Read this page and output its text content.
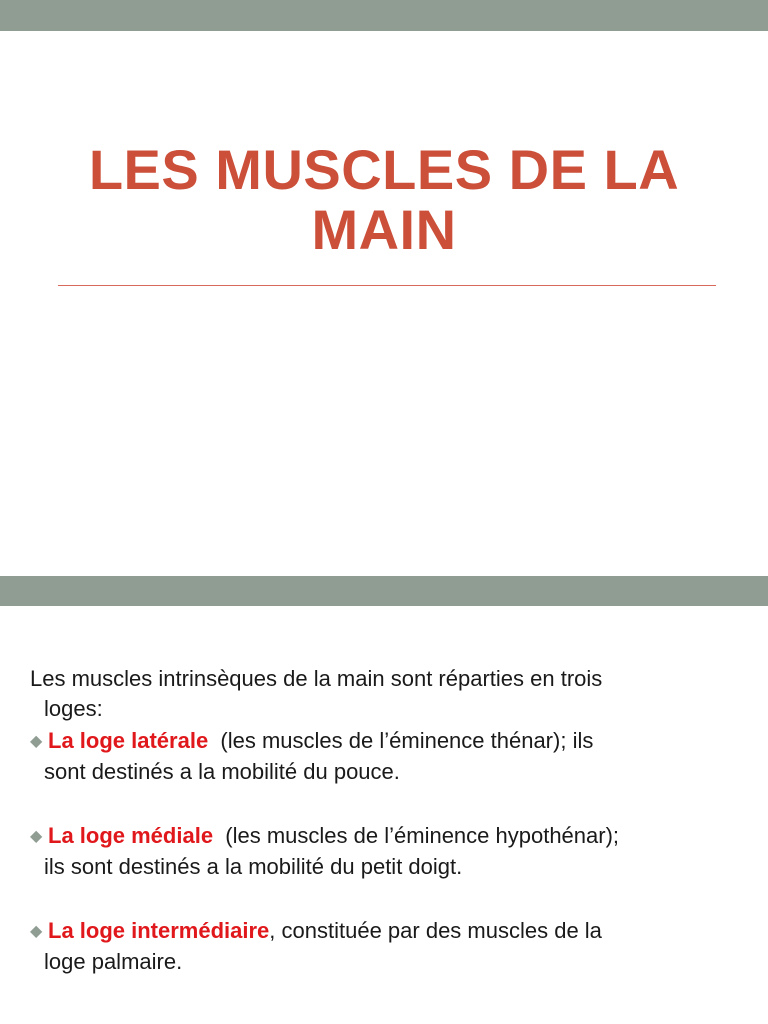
LES MUSCLES DE LA
MAIN

Les muscles intrinsèques de la main sont réparties en trois
loges:

◆ La loge latérale  (les muscles de l’éminence thénar); ils
sont destinés a la mobilité du pouce.

◆ La loge médiale  (les muscles de l’éminence hypothénar);
ils sont destinés a la mobilité du petit doigt.

◆ La loge intermédiaire, constituée par des muscles de la
loge palmaire.
